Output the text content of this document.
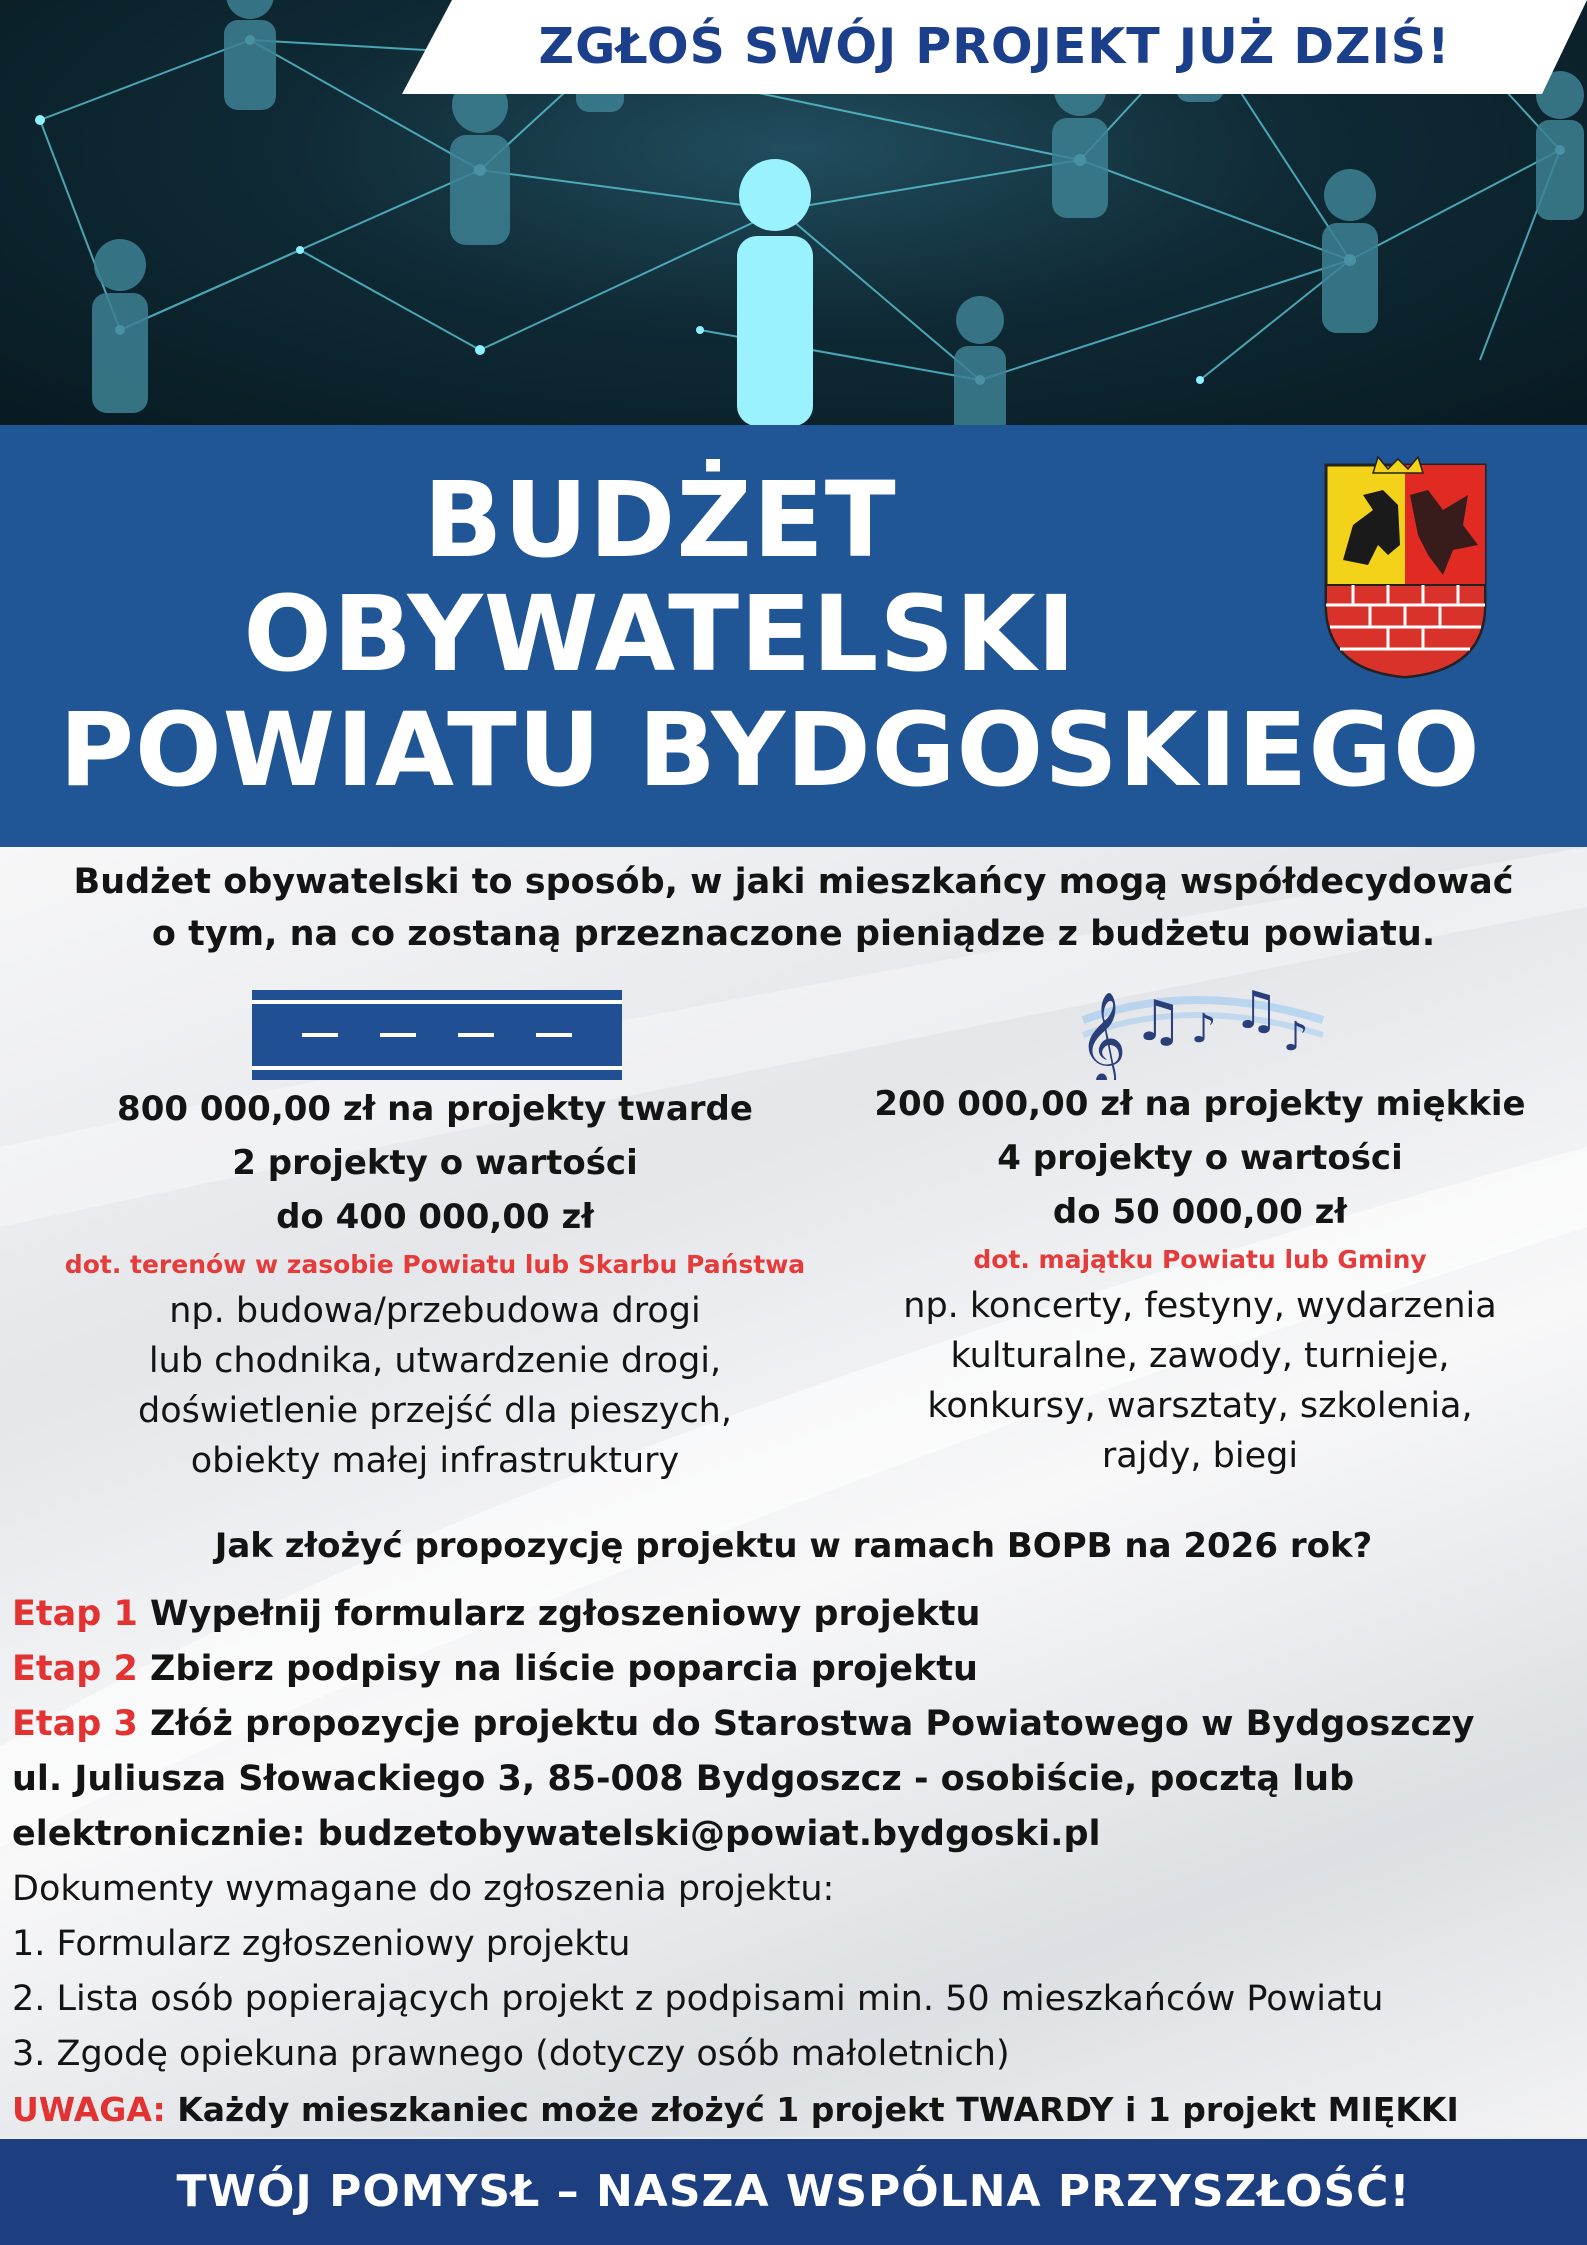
ZGŁOŚ SWÓJ PROJEKT JUŻ DZIŚ!
BUDŻET
OBYWATELSKI
POWIATU BYDGOSKIEGO
Budżet obywatelski to sposób, w jaki mieszkańcy mogą współdecydować
o tym, na co zostaną przeznaczone pieniądze z budżetu powiatu.
𝄞 ♫ ♪ ♫ ♪
800 000,00 zł na projekty twarde
2 projekty o wartości
do 400 000,00 zł
dot. terenów w zasobie Powiatu lub Skarbu Państwa
np. budowa/przebudowa drogi
lub chodnika, utwardzenie drogi,
doświetlenie przejść dla pieszych,
obiekty małej infrastruktury
200 000,00 zł na projekty miękkie
4 projekty o wartości
do 50 000,00 zł
dot. majątku Powiatu lub Gminy
np. koncerty, festyny, wydarzenia
kulturalne, zawody, turnieje,
konkursy, warsztaty, szkolenia,
rajdy, biegi
Jak złożyć propozycję projektu w ramach BOPB na 2026 rok?
Etap 1 Wypełnij formularz zgłoszeniowy projektu
Etap 2 Zbierz podpisy na liście poparcia projektu
Etap 3 Złóż propozycje projektu do Starostwa Powiatowego w Bydgoszczy
ul. Juliusza Słowackiego 3, 85-008 Bydgoszcz - osobiście, pocztą lub
elektronicznie: budzetobywatelski@powiat.bydgoski.pl
Dokumenty wymagane do zgłoszenia projektu:
1. Formularz zgłoszeniowy projektu
2. Lista osób popierających projekt z podpisami min. 50 mieszkańców Powiatu
3. Zgodę opiekuna prawnego (dotyczy osób małoletnich)
UWAGA: Każdy mieszkaniec może złożyć 1 projekt TWARDY i 1 projekt MIĘKKI
TWÓJ POMYSŁ – NASZA WSPÓLNA PRZYSZŁOŚĆ!
